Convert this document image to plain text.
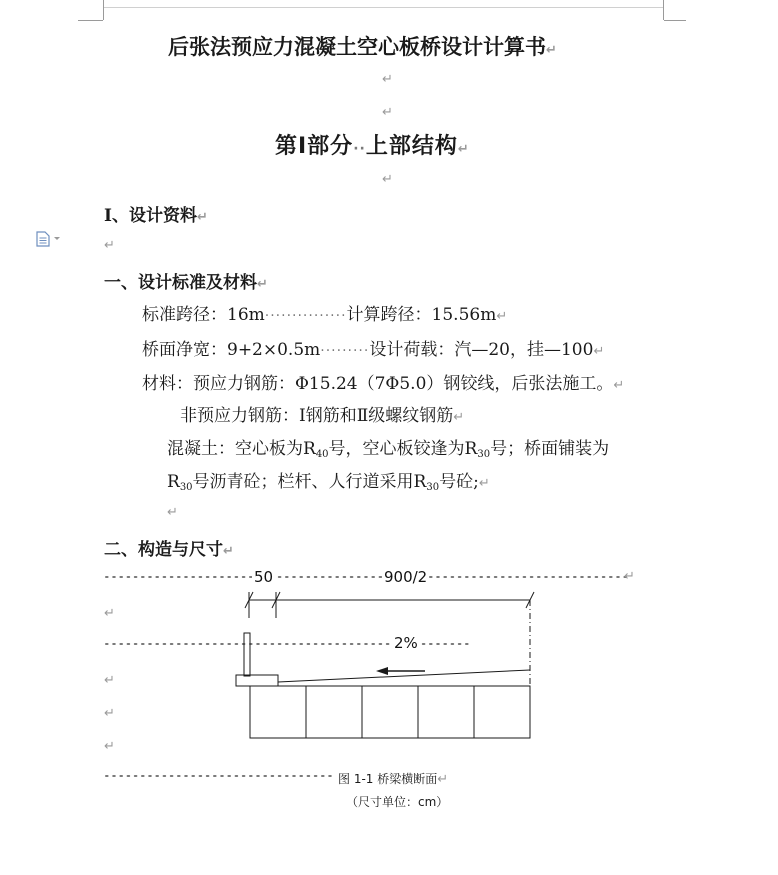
后张法预应力混凝土空心板桥设计计算书↵
↵
↵
第Ⅰ部分··上部结构↵
↵
Ⅰ、设计资料↵
↵
一、设计标准及材料↵
标准跨径：16m···············计算跨径：15.56m↵
桥面净宽：9+2×0.5m·········设计荷载：汽—20，挂—100↵
材料：预应力钢筋：Φ15.24（7Φ5.0）钢铰线，后张法施工。↵
非预应力钢筋：Ⅰ钢筋和Ⅱ级螺纹钢筋↵
混凝土：空心板为$R_{40}$号，空心板铰逢为$R_{30}$号；桥面铺装为
$R_{30}$号沥青砼；栏杆、人行道采用$R_{30}$号砼;↵
↵
二、构造与尺寸↵
50	900/2	↵
2%
↵
↵
↵
↵
图 1-1 桥梁横断面↵
（尺寸单位：cm）
